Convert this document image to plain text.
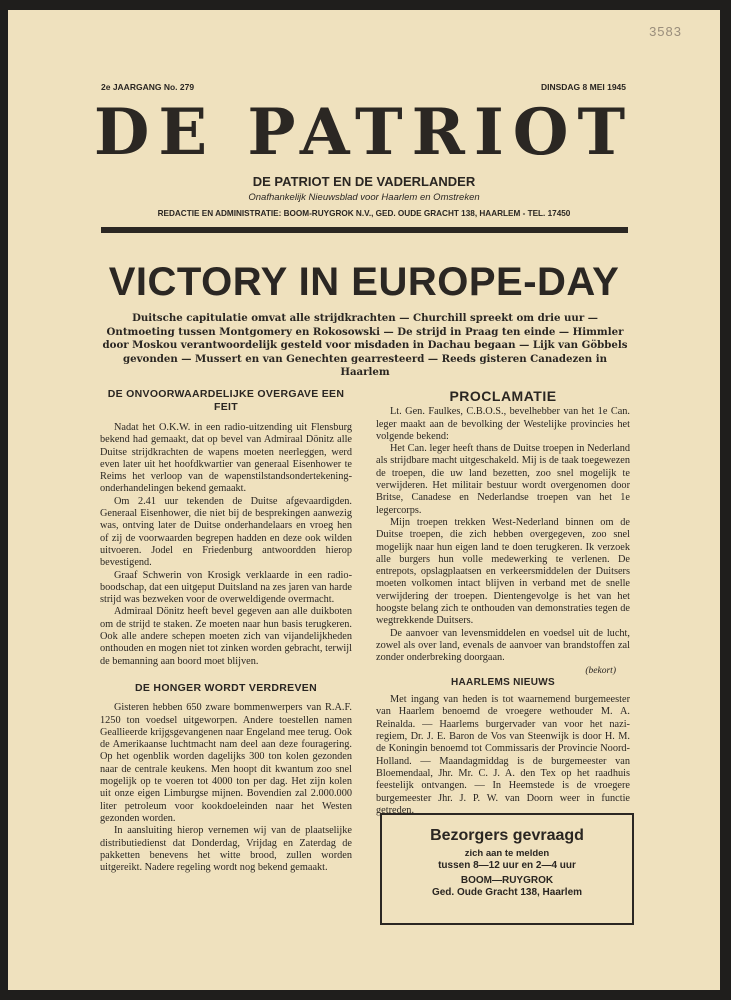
3583
2e JAARGANG No. 279	DINSDAG 8 MEI 1945
DE PATRIOT
DE PATRIOT EN DE VADERLANDER
Onafhankelijk Nieuwsblad voor Haarlem en Omstreken
REDACTIE EN ADMINISTRATIE: BOOM-RUYGROK N.V., GED. OUDE GRACHT 138, HAARLEM - TEL. 17450
VICTORY IN EUROPE-DAY
Duitsche capitulatie omvat alle strijdkrachten — Churchill spreekt om drie uur — Ontmoeting tussen Montgomery en Rokosowski — De strijd in Praag ten einde — Himmler door Moskou verantwoordelijk gesteld voor misdaden in Dachau begaan — Lijk van Göbbels gevonden — Mussert en van Genechten gearresteerd — Reeds gisteren Canadezen in Haarlem
DE ONVOORWAARDELIJKE OVERGAVE EEN FEIT

Nadat het O.K.W. in een radio-uitzending uit Flensburg bekend had gemaakt, dat op bevel van Admiraal Dönitz alle Duitse strijdkrachten de wapens moeten neerleggen, werd even later uit het hoofdkwartier van generaal Eisenhower te Reims het verloop van de wapenstilstandsondertekening-onderhandelingen bekend gemaakt.

Om 2.41 uur tekenden de Duitse afgevaardigden. Generaal Eisenhower, die niet bij de besprekingen aanwezig was, ontving later de Duitse onderhandelaars en vroeg hen of zij de voorwaarden begrepen hadden en deze ook wilden uitvoeren. Jodel en Friedenburg antwoordden hierop bevestigend.

Graaf Schwerin von Krosigk verklaarde in een radio-boodschap, dat een uitgeput Duitsland na zes jaren van harde strijd was bezweken voor de overweldigende overmacht.

Admiraal Dönitz heeft bevel gegeven aan alle duikboten om de strijd te staken. Ze moeten naar hun basis terugkeren. Ook alle andere schepen moeten zich van vijandelijkheden onthouden en mogen niet tot zinken worden gebracht, terwijl de bemanning aan boord moet blijven.

DE HONGER WORDT VERDREVEN

Gisteren hebben 650 zware bommenwerpers van R.A.F. 1250 ton voedsel uitgeworpen. Andere toestellen namen Geallieerde krijgsgevangenen naar Engeland mee terug. Ook de Amerikaanse luchtmacht nam deel aan deze fouragering. Op het ogenblik worden dagelijks 300 ton kolen gezonden naar de centrale keukens. Men hoopt dit kwantum zoo snel mogelijk op te voeren tot 4000 ton per dag. Het zijn kolen uit onze eigen Limburgse mijnen. Bovendien zal 2.000.000 liter petroleum voor kookdoeleinden naar het Westen gezonden worden.

In aansluiting hierop vernemen wij van de plaatselijke distributiedienst dat Donderdag, Vrijdag en Zaterdag de pakketten benevens het witte brood, zullen worden uitgereikt. Nadere regeling wordt nog bekend gemaakt.

PROCLAMATIE

Lt. Gen. Faulkes, C.B.O.S., bevelhebber van het 1e Can. leger maakt aan de bevolking der Westelijke provincies het volgende bekend:

Het Can. leger heeft thans de Duitse troepen in Nederland als strijdbare macht uitgeschakeld. Mij is de taak toegewezen de troepen, die uw land bezetten, zoo snel mogelijk te verwijderen. Het militair bestuur wordt overgenomen door Britse, Canadese en Nederlandse troepen van het 1e legercorps.

Mijn troepen trekken West-Nederland binnen om de Duitse troepen, die zich hebben overgegeven, zoo snel mogelijk naar hun eigen land te doen terugkeren. Ik verzoek alle burgers hun volle medewerking te verlenen. De entrepots, opslagplaatsen en verkeersmiddelen der Duitsers moeten volkomen intact blijven in verband met de snelle verwijdering der troepen. Dientengevolge is het van het hoogste belang zich te onthouden van demonstraties tegen de wegtrekkende Duitsers.

De aanvoer van levensmiddelen en voedsel uit de lucht, zowel als over land, evenals de aanvoer van brandstoffen zal zonder onderbreking doorgaan.

(bekort)

HAARLEMS NIEUWS

Met ingang van heden is tot waarnemend burgemeester van Haarlem benoemd de vroegere wethouder M. A. Reinalda. — Haarlems burgervader van voor het nazi-regiem, Dr. J. E. Baron de Vos van Steenwijk is door H. M. de Koningin benoemd tot Commissaris der Provincie Noord-Holland. — Maandagmiddag is de burgemeester van Bloemendaal, Jhr. Mr. C. J. A. den Tex op het raadhuis feestelijk ontvangen. — In Heemstede is de vroegere burgemeester Jhr. J. P. W. van Doorn weer in functie getreden.

Bezorgers gevraagd
zich aan te melden
tussen 8—12 uur en 2—4 uur
BOOM—RUYGROK
Ged. Oude Gracht 138, Haarlem
